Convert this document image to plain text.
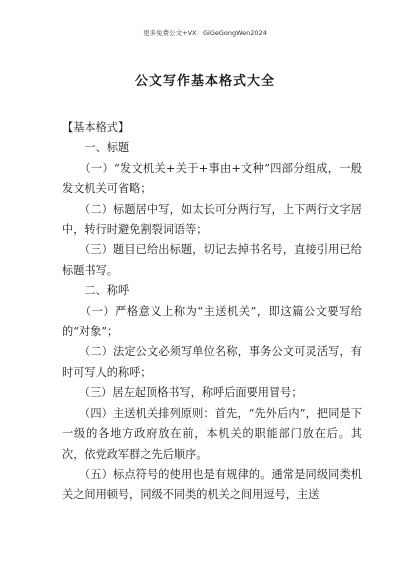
更多免费公文+VX：GiGeGongWen2024
公文写作基本格式大全

【基本格式】

　　一、标题

　　（一）“发文机关+关于+事由+文种”四部分组成，一般发文机关可省略；

　　（二）标题居中写，如太长可分两行写，上下两行文字居中，转行时避免割裂词语等；

　　（三）题目已给出标题，切记去掉书名号，直接引用已给标题书写。

　　二、称呼

　　（一）严格意义上称为“主送机关”，即这篇公文要写给的“对象”；

　　（二）法定公文必须写单位名称，事务公文可灵活写，有时可写人的称呼；

　　（三）居左起顶格书写，称呼后面要用冒号；

　　（四）主送机关排列原则：首先，“先外后内”，把同是下一级的各地方政府放在前，本机关的职能部门放在后。其次，依党政军群之先后顺序。

　　（五）标点符号的使用也是有规律的。通常是同级同类机关之间用顿号，同级不同类的机关之间用逗号，主送
